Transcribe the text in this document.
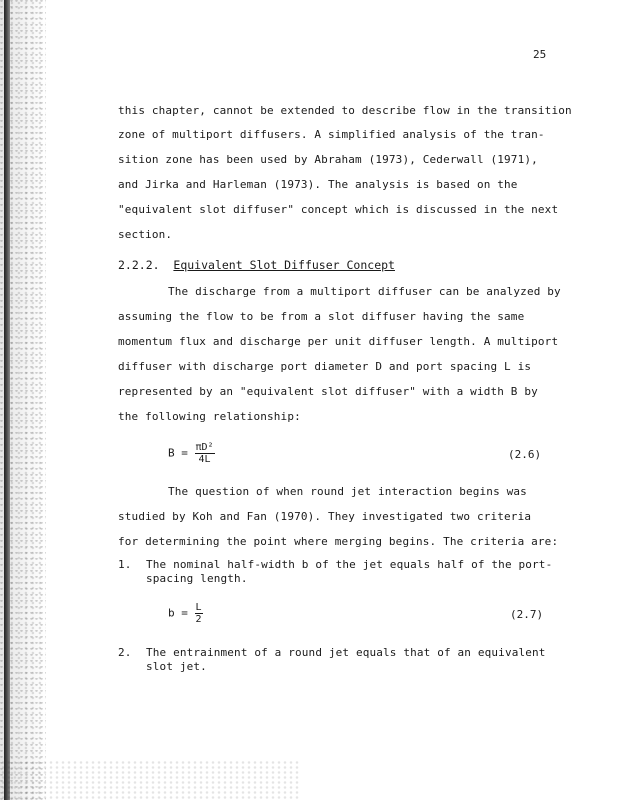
25
this chapter, cannot be extended to describe flow in the transition
zone of multiport diffusers. A simplified analysis of the tran-
sition zone has been used by Abraham (1973), Cederwall (1971),
and Jirka and Harleman (1973). The analysis is based on the
"equivalent slot diffuser" concept which is discussed in the next
section.
2.2.2. Equivalent Slot Diffuser Concept
The discharge from a multiport diffuser can be analyzed by
assuming the flow to be from a slot diffuser having the same
momentum flux and discharge per unit diffuser length. A multiport
diffuser with discharge port diameter D and port spacing L is
represented by an "equivalent slot diffuser" with a width B by
the following relationship:
$B = \frac{\text{πD²}}{4L}$	(2.6)
The question of when round jet interaction begins was
studied by Koh and Fan (1970). They investigated two criteria
for determining the point where merging begins. The criteria are:
1. The nominal half-width b of the jet equals half of the port-
spacing length.
$b = \frac{L}{2}$	(2.7)
2. The entrainment of a round jet equals that of an equivalent
slot jet.
